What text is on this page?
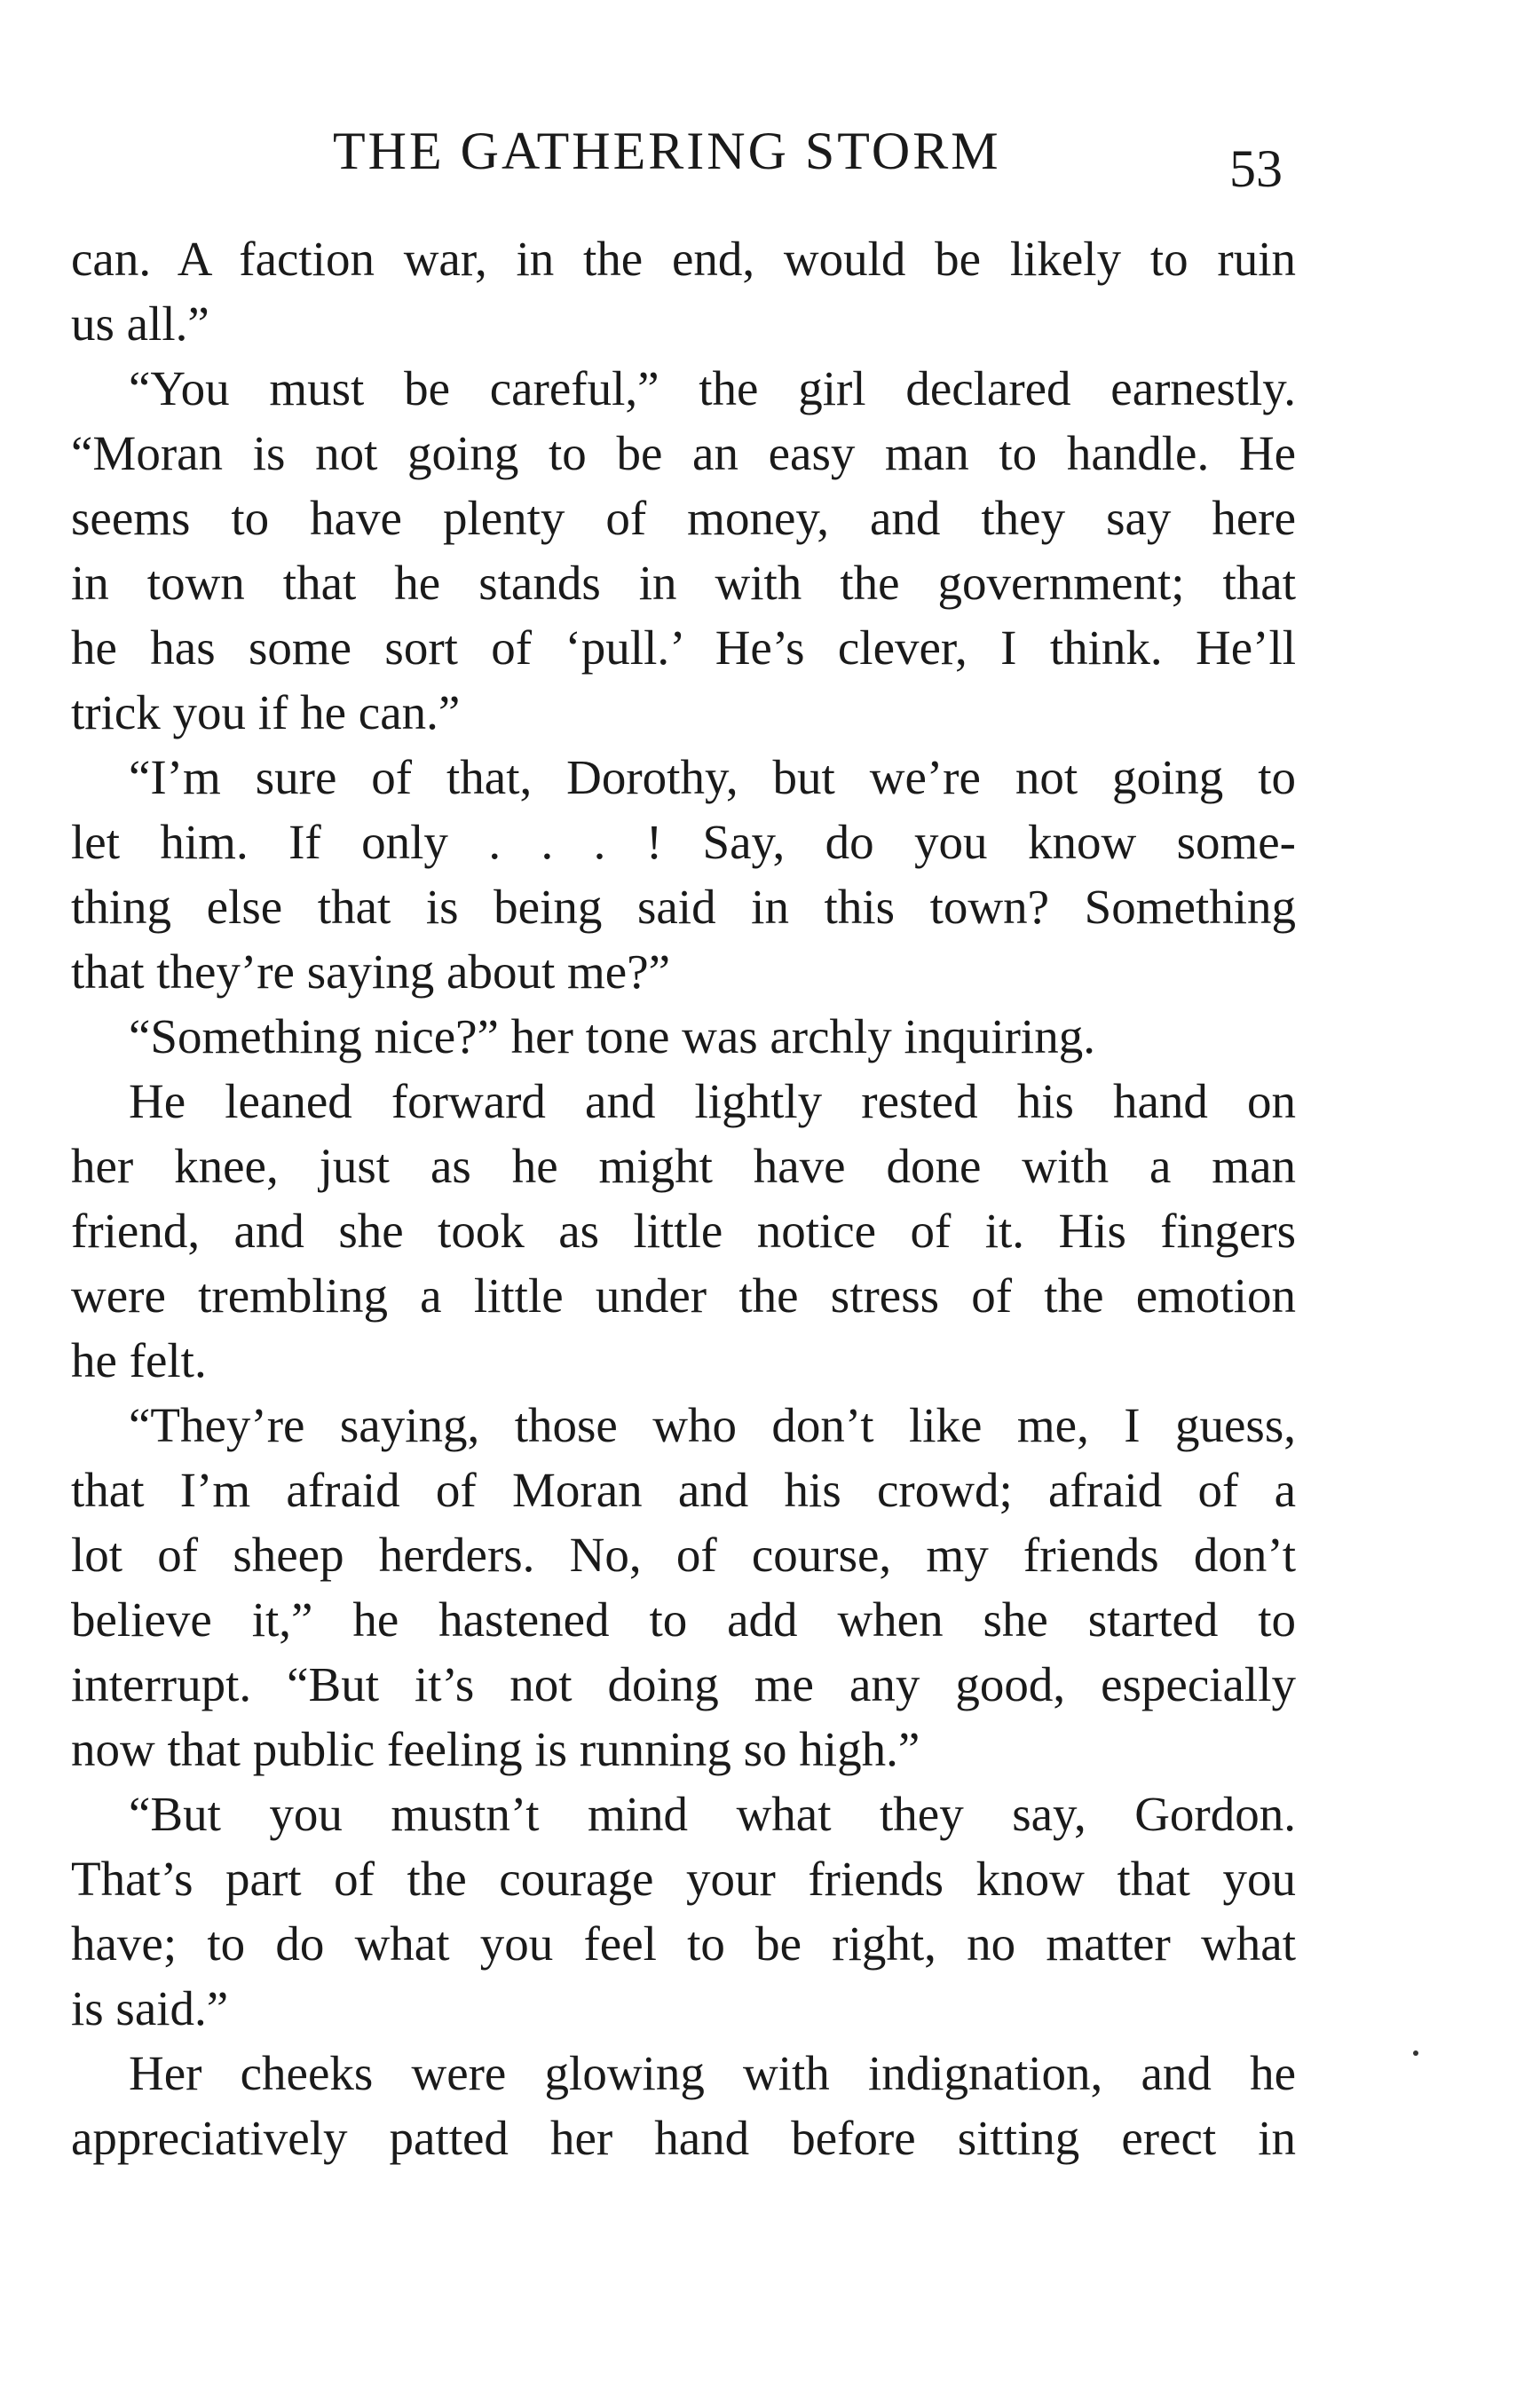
THE GATHERING STORM	53
can. A faction war, in the end, would be likely to ruin
us all.”
“You must be careful,” the girl declared earnestly.
“Moran is not going to be an easy man to handle. He
seems to have plenty of money, and they say here
in town that he stands in with the government; that
he has some sort of ‘pull.’ He’s clever, I think. He’ll
trick you if he can.”
“I’m sure of that, Dorothy, but we’re not going to
let him. If only . . . ! Say, do you know some-
thing else that is being said in this town? Something
that they’re saying about me?”
“Something nice?” her tone was archly inquiring.
He leaned forward and lightly rested his hand on
her knee, just as he might have done with a man
friend, and she took as little notice of it. His fingers
were trembling a little under the stress of the emotion
he felt.
“They’re saying, those who don’t like me, I guess,
that I’m afraid of Moran and his crowd; afraid of a
lot of sheep herders. No, of course, my friends don’t
believe it,” he hastened to add when she started to
interrupt. “But it’s not doing me any good, especially
now that public feeling is running so high.”
“But you mustn’t mind what they say, Gordon.
That’s part of the courage your friends know that you
have; to do what you feel to be right, no matter what
is said.”
Her cheeks were glowing with indignation, and he
appreciatively patted her hand before sitting erect in
